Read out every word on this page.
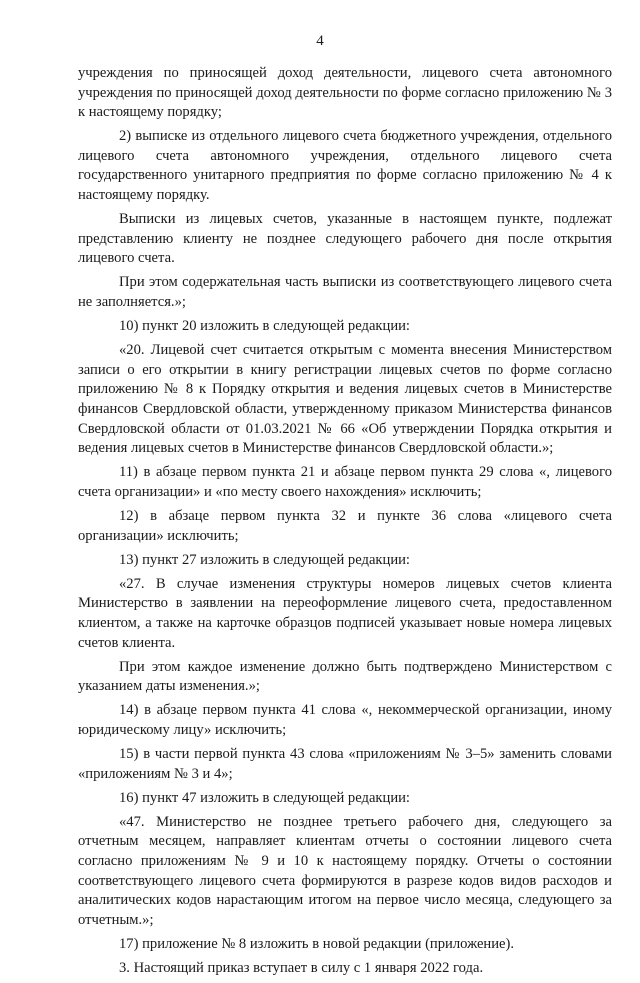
4

учреждения по приносящей доход деятельности, лицевого счета автономного учреждения по приносящей доход деятельности по форме согласно приложению № 3 к настоящему порядку;

2) выписке из отдельного лицевого счета бюджетного учреждения, отдельного лицевого счета автономного учреждения, отдельного лицевого счета государственного унитарного предприятия по форме согласно приложению № 4 к настоящему порядку.

Выписки из лицевых счетов, указанные в настоящем пункте, подлежат представлению клиенту не позднее следующего рабочего дня после открытия лицевого счета.

При этом содержательная часть выписки из соответствующего лицевого счета не заполняется.»;

10) пункт 20 изложить в следующей редакции:

«20. Лицевой счет считается открытым с момента внесения Министерством записи о его открытии в книгу регистрации лицевых счетов по форме согласно приложению № 8 к Порядку открытия и ведения лицевых счетов в Министерстве финансов Свердловской области, утвержденному приказом Министерства финансов Свердловской области от 01.03.2021 № 66 «Об утверждении Порядка открытия и ведения лицевых счетов в Министерстве финансов Свердловской области.»;

11) в абзаце первом пункта 21 и абзаце первом пункта 29 слова «, лицевого счета организации» и «по месту своего нахождения» исключить;

12) в абзаце первом пункта 32 и пункте 36 слова «лицевого счета организации» исключить;

13) пункт 27 изложить в следующей редакции:

«27. В случае изменения структуры номеров лицевых счетов клиента Министерство в заявлении на переоформление лицевого счета, предоставленном клиентом, а также на карточке образцов подписей указывает новые номера лицевых счетов клиента.

При этом каждое изменение должно быть подтверждено Министерством с указанием даты изменения.»;

14) в абзаце первом пункта 41 слова «, некоммерческой организации, иному юридическому лицу» исключить;

15) в части первой пункта 43 слова «приложениям № 3–5» заменить словами «приложениям № 3 и 4»;

16) пункт 47 изложить в следующей редакции:

«47. Министерство не позднее третьего рабочего дня, следующего за отчетным месяцем, направляет клиентам отчеты о состоянии лицевого счета согласно приложениям № 9 и 10 к настоящему порядку. Отчеты о состоянии соответствующего лицевого счета формируются в разрезе кодов видов расходов и аналитических кодов нарастающим итогом на первое число месяца, следующего за отчетным.»;

17) приложение № 8 изложить в новой редакции (приложение).

3. Настоящий приказ вступает в силу с 1 января 2022 года.
